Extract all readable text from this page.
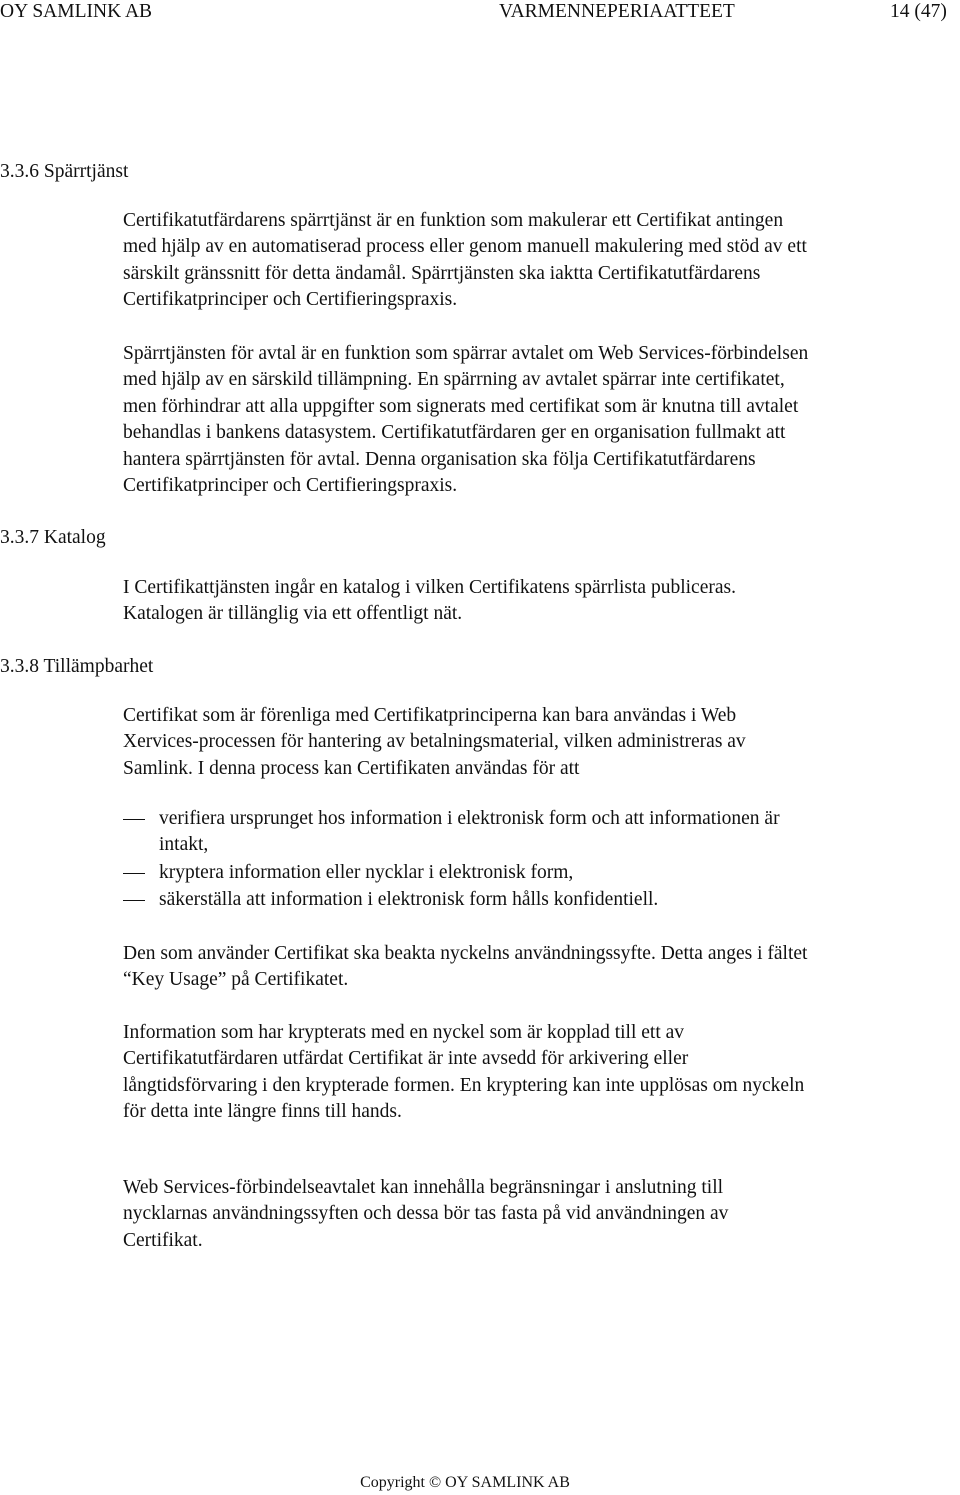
OY SAMLINK AB	VARMENNEPERIAATTEET	14 (47)
3.3.6 Spärrtjänst
Certifikatutfärdarens spärrtjänst är en funktion som makulerar ett Certifikat antingen
med hjälp av en automatiserad process eller genom manuell makulering med stöd av ett
särskilt gränssnitt för detta ändamål. Spärrtjänsten ska iaktta Certifikatutfärdarens
Certifikatprinciper och Certifieringspraxis.
Spärrtjänsten för avtal är en funktion som spärrar avtalet om Web Services-förbindelsen
med hjälp av en särskild tillämpning. En spärrning av avtalet spärrar inte certifikatet,
men förhindrar att alla uppgifter som signerats med certifikat som är knutna till avtalet
behandlas i bankens datasystem. Certifikatutfärdaren ger en organisation fullmakt att
hantera spärrtjänsten för avtal. Denna organisation ska följa Certifikatutfärdarens
Certifikatprinciper och Certifieringspraxis.
3.3.7 Katalog
I Certifikattjänsten ingår en katalog i vilken Certifikatens spärrlista publiceras.
Katalogen är tillänglig via ett offentligt nät.
3.3.8 Tillämpbarhet
Certifikat som är förenliga med Certifikatprinciperna kan bara användas i Web
Xervices-processen för hantering av betalningsmaterial, vilken administreras av
Samlink. I denna process kan Certifikaten användas för att
verifiera ursprunget hos information i elektronisk form och att informationen är
intakt,
kryptera information eller nycklar i elektronisk form,
säkerställa att information i elektronisk form hålls konfidentiell.
Den som använder Certifikat ska beakta nyckelns användningssyfte. Detta anges i fältet
“Key Usage” på Certifikatet.
Information som har krypterats med en nyckel som är kopplad till ett av
Certifikatutfärdaren utfärdat Certifikat är inte avsedd för arkivering eller
långtidsförvaring i den krypterade formen. En kryptering kan inte upplösas om nyckeln
för detta inte längre finns till hands.
Web Services-förbindelseavtalet kan innehålla begränsningar i anslutning till
nycklarnas användningssyften och dessa bör tas fasta på vid användningen av
Certifikat.
Copyright © OY SAMLINK AB
